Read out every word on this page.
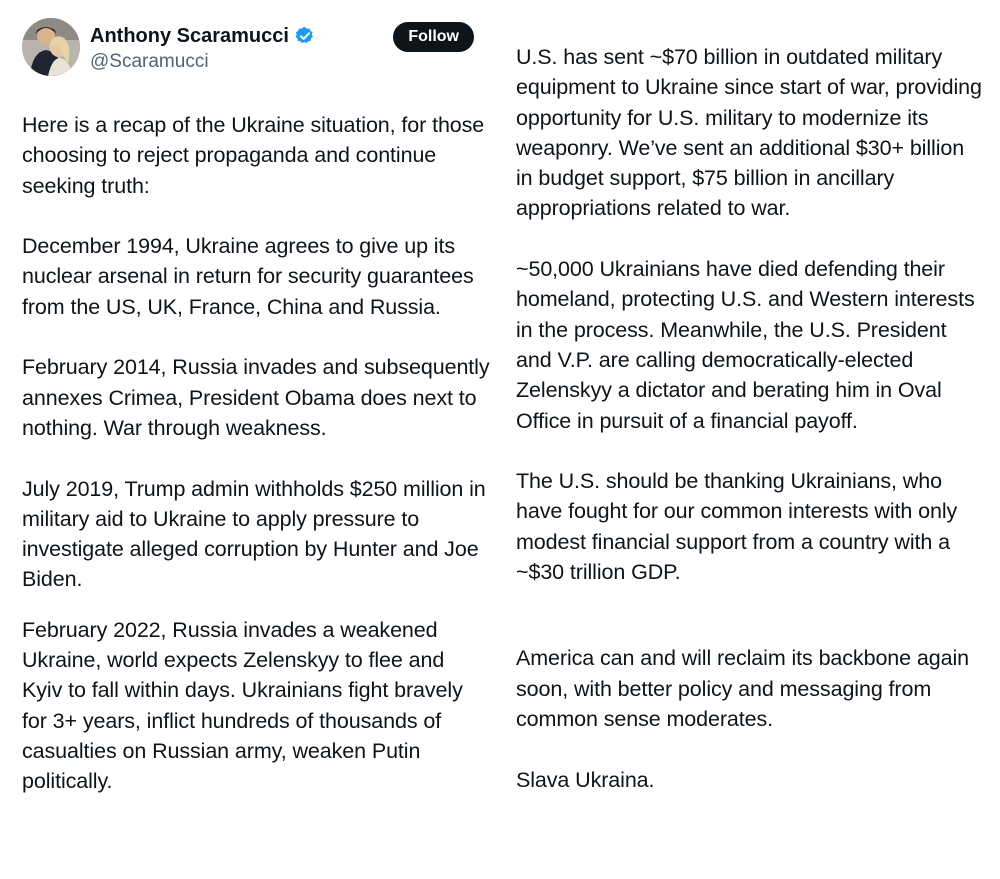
Anthony Scaramucci
@Scaramucci
Follow

Here is a recap of the Ukraine situation, for those choosing to reject propaganda and continue seeking truth:

December 1994, Ukraine agrees to give up its nuclear arsenal in return for security guarantees from the US, UK, France, China and Russia.

February 2014, Russia invades and subsequently annexes Crimea, President Obama does next to nothing. War through weakness.

July 2019, Trump admin withholds $250 million in military aid to Ukraine to apply pressure to investigate alleged corruption by Hunter and Joe Biden.

February 2022, Russia invades a weakened Ukraine, world expects Zelenskyy to flee and Kyiv to fall within days. Ukrainians fight bravely for 3+ years, inflict hundreds of thousands of casualties on Russian army, weaken Putin politically.

U.S. has sent ~$70 billion in outdated military equipment to Ukraine since start of war, providing opportunity for U.S. military to modernize its weaponry. We’ve sent an additional $30+ billion in budget support, $75 billion in ancillary appropriations related to war.

~50,000 Ukrainians have died defending their homeland, protecting U.S. and Western interests in the process. Meanwhile, the U.S. President and V.P. are calling democratically-elected Zelenskyy a dictator and berating him in Oval Office in pursuit of a financial payoff.

The U.S. should be thanking Ukrainians, who have fought for our common interests with only modest financial support from a country with a ~$30 trillion GDP.

America can and will reclaim its backbone again soon, with better policy and messaging from common sense moderates.

Slava Ukraina.
